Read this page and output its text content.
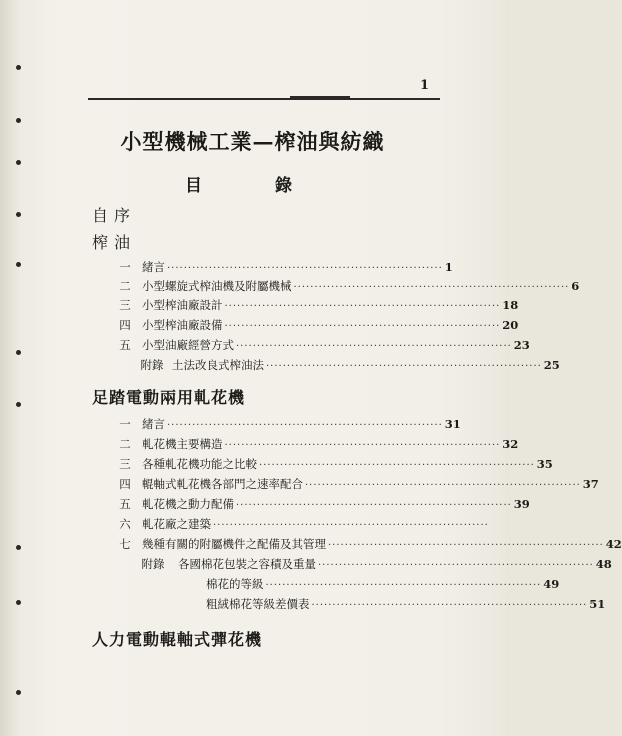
1
小型機械工業—榨油與紡織
目　錄
自序
榨油
一 緒言 ·································································· 1
二 小型螺旋式榨油機及附屬機械 ·································································· 6
三 小型榨油廠設計 ·································································· 18
四 小型榨油廠設備 ·································································· 20
五 小型油廠經營方式 ·································································· 23
附錄 土法改良式榨油法 ·································································· 25
足踏電動兩用軋花機
一 緒言 ·································································· 31
二 軋花機主要構造 ·································································· 32
三 各種軋花機功能之比較 ·································································· 35
四 輥軸式軋花機各部門之速率配合 ·································································· 37
五 軋花機之動力配備 ·································································· 39
六 軋花廠之建築 ··································································
七 幾種有關的附屬機件之配備及其管理 ·································································· 42
附錄 各國棉花包裝之容積及重量 ·································································· 48
棉花的等級 ·································································· 49
粗絨棉花等級差價表 ·································································· 51
人力電動輥軸式彈花機
